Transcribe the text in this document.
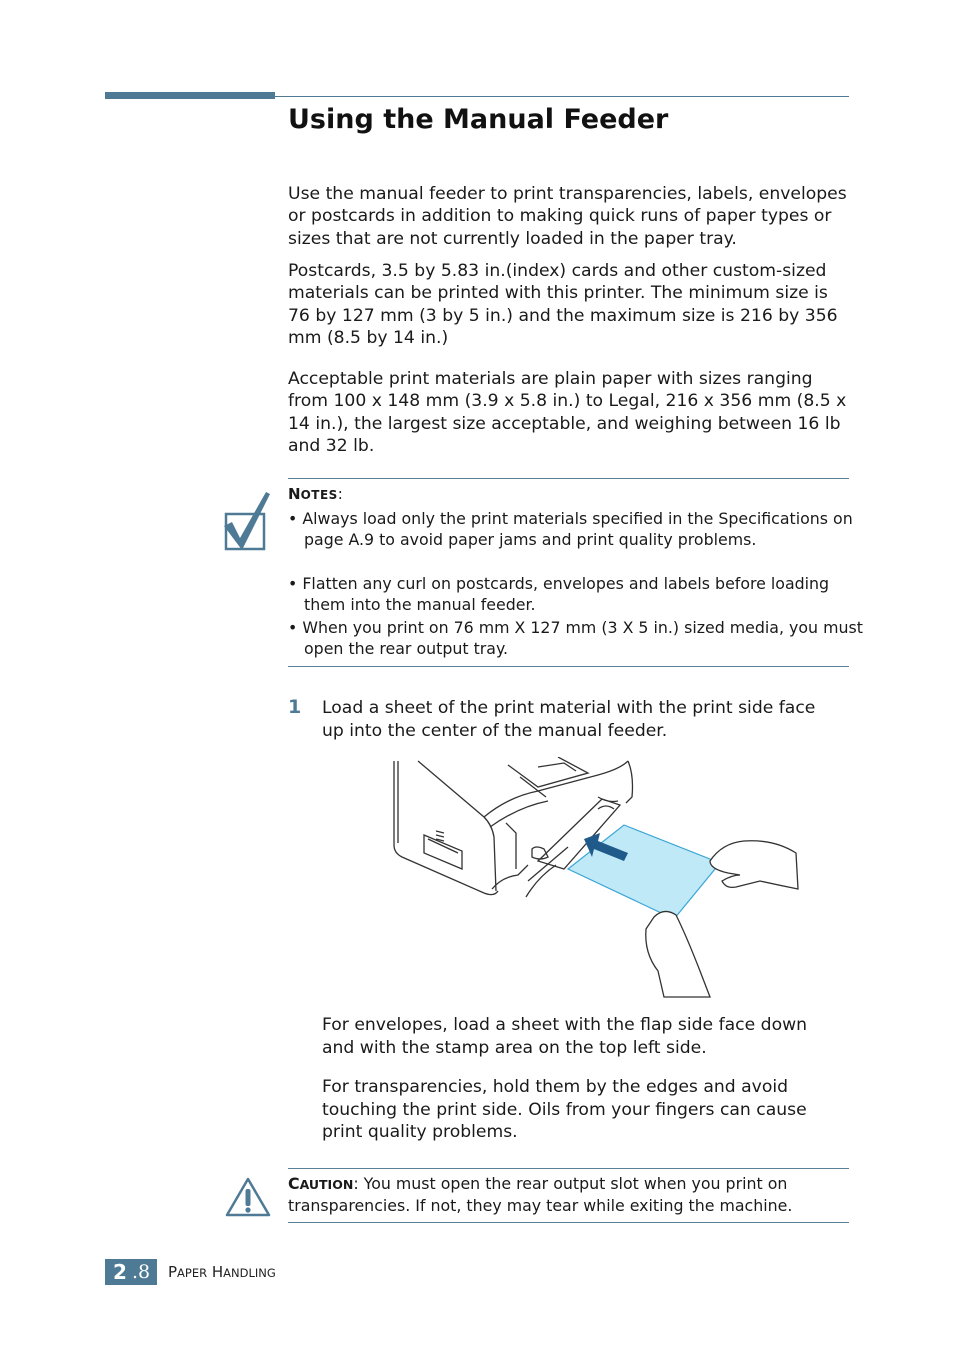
Using the Manual Feeder

Use the manual feeder to print transparencies, labels, envelopes or postcards in addition to making quick runs of paper types or sizes that are not currently loaded in the paper tray.

Postcards, 3.5 by 5.83 in.(index) cards and other custom-sized materials can be printed with this printer. The minimum size is 76 by 127 mm (3 by 5 in.) and the maximum size is 216 by 356 mm (8.5 by 14 in.)

Acceptable print materials are plain paper with sizes ranging from 100 x 148 mm (3.9 x 5.8 in.) to Legal, 216 x 356 mm (8.5 x 14 in.), the largest size acceptable, and weighing between 16 lb and 32 lb.

NOTES:

• Always load only the print materials specified in the Specifications on page A.9 to avoid paper jams and print quality problems.

• Flatten any curl on postcards, envelopes and labels before loading them into the manual feeder.

• When you print on 76 mm X 127 mm (3 X 5 in.) sized media, you must open the rear output tray.

1 Load a sheet of the print material with the print side face up into the center of the manual feeder.

For envelopes, load a sheet with the flap side face down and with the stamp area on the top left side.

For transparencies, hold them by the edges and avoid touching the print side. Oils from your fingers can cause print quality problems.

CAUTION: You must open the rear output slot when you print on transparencies. If not, they may tear while exiting the machine.

2 .8 PAPER HANDLING
